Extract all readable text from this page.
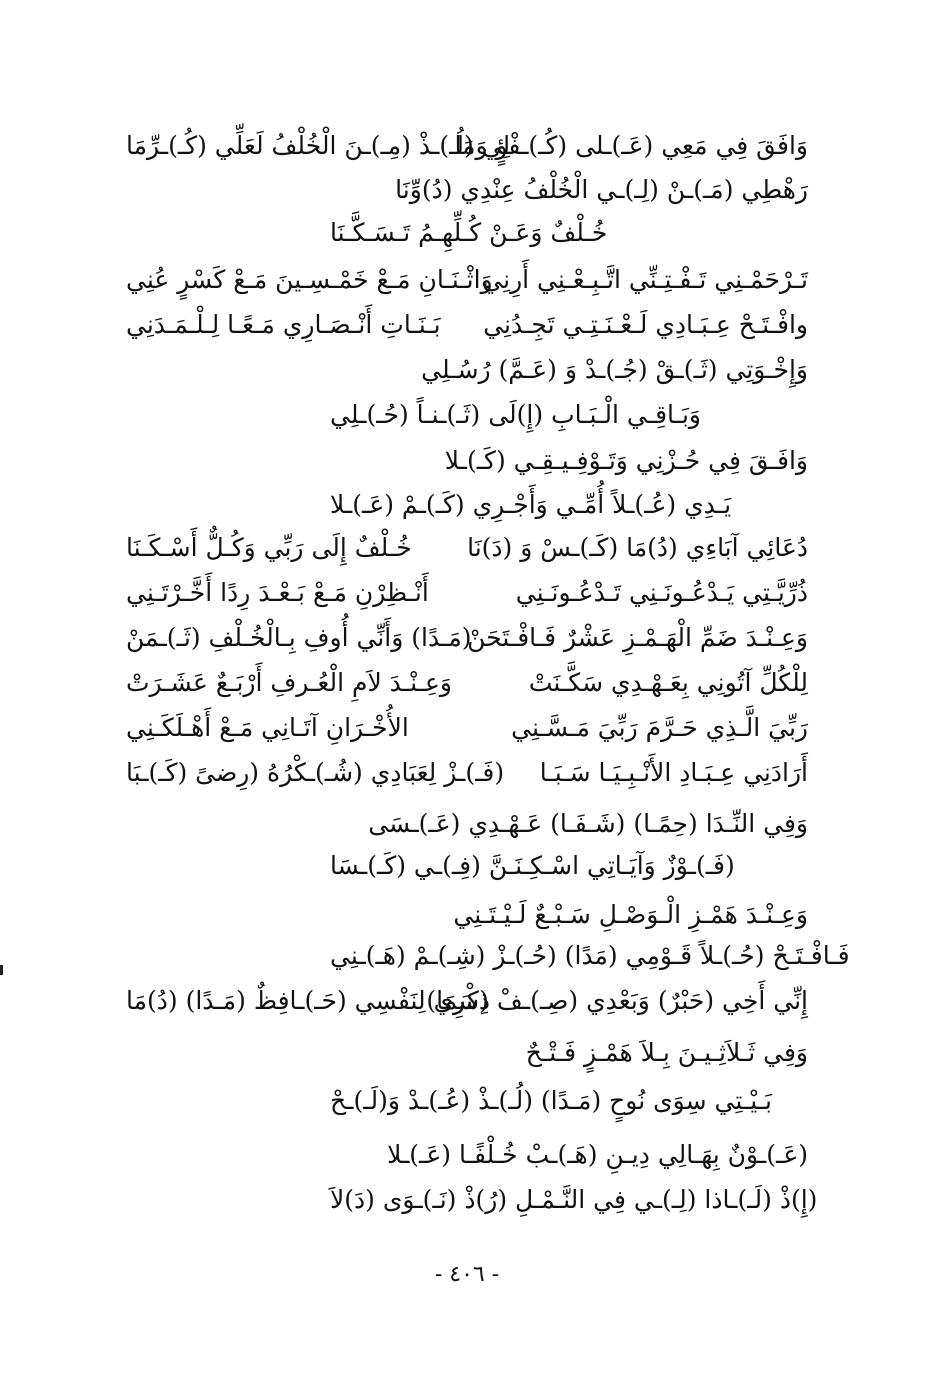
وَافَقَ فِي مَعِي (عَـ)ـلى (كُـ)ـفْؤٍ وَمَا
لِي (لُـ)ـذْ (مِـ)ـنَ الْخُلْفُ لَعَلِّي (كُـ)ـرِّمَا
رَهْطِي (مَـ)ـنْ (لِـ)ـي الْخُلْفُ عِنْدِي (دُ)وِّنَا
خُـلْفٌ وَعَـنْ كُـلِّهِـمُ تَـسَـكَّـنَا
تَـرْحَمْـنِي تَـفْـتِـنِّي اتَّـبِـعْـنِي أَرِنِي
وَاثْـنَـانِ مَـعْ خَمْـسِـينَ مَـعْ كَسْرٍ عُنِي
وافْـتَـحْ عِـبَـادِي لَـعْـنَـتِـي تَجِـدُنِي
بَـنَـاتِ أَنْـصَـارِي مَـعًـا لِـلْـمَـدَنِي
وَإِخْـوَتِي (ثَـ)ـقْ (جُـ)ـدْ وَ (عَـمَّ) رُسُـلِي
وَبَـاقِـي الْـبَـابِ (إِ)لَى (ثَـ)ـنـاً (حُـ)ـلِي
وَافَـقَ فِي حُـزْنِي وَتَـوْفِـيـقِـي (كَـ)ـلا
يَـدِي (عُـ)ـلاً أُمِّـي وَأَجْـرِي (كَـ)ـمْ (عَـ)ـلا
دُعَائِي آبَاءِي (دُ)مَا (كَـ)ـسْ وَ (دَ)نَا
خُـلْفٌ إِلَى رَبِّي وَكُـلٌّ أَسْـكَـنَا
ذُرِّيَّـتِي يَـدْعُـونَـنِي تَـدْعُـونَـنِي
أَنْـظِرْنِ مَـعْ بَـعْـدَ رِدًا أَخَّـرْتَـنِي
وَعِـنْـدَ ضَمِّ الْهَـمْـزِ عَشْرٌ فَـافْـتَحَنْ
(مَـدًا) وَأَنِّي أُوفِ بِـالْخُـلْفِ (ثَـ)ـمَنْ
لِلْكُلِّ آتُونِي بِعَـهْـدِي سَكَّـنَتْ
وَعِـنْـدَ لاَمِ الْعُـرفِ أَرْبَـعٌ عَشَـرَتْ
رَبِّيَ الَّـذِي حَـرَّمَ رَبِّيَ مَـسَّـنِي
الأُخْـرَانِ آتَـانِي مَـعْ أَهْـلَكَـنِي
أَرَادَنِي عِـبَـادِ الأَنْـبِـيَـا سَـبَـا
(فَـ)ـزْ لِعَبَادِي (شُـ)ـكْرُهُ (رِضىً (كَـ)ـبَا
وَفِي النِّـدَا (حِمًـا) (شَـفَـا) عَـهْـدِي (عَـ)ـسَى
(فَـ)ـوْزٌ وَآيَـاتِي اسْـكِـنَـنَّ (فِـ)ـي (كَـ)ـسَا
وَعِـنْـدَ هَمْـزِ الْـوَصْـلِ سَـبْـعٌ لَـيْـتَـنِي
فَـافْـتَـحْ (حُـ)ـلاً قَـوْمِي (مَدًا) (حُـ)ـزْ (شِـ)ـمْ (هَـ)ـنِي
إِنِّي أَخِي (حَبْرٌ) وَبَعْدِي (صِـ)ـفْ (سَمَا)
ذِكْرِي لِنَفْسِي (حَـ)ـافِظٌ (مَـدًا) (دُ)مَا
وَفِي ثَـلاَثِـيـنَ بِـلاَ هَمْـزٍ فَـتْـحٌ
بَـيْـتِي سِوَى نُوحٍ (مَـدًا) (لُـ)ـذْ (عُـ)ـدْ وَ(لَـ)ـحْ
(عَـ)ـوْنٌ بِهَـالِي دِيـنِ (هَـ)ـبْ خُـلْفًـا (عَـ)ـلا
(إِ)ذْ (لَـ)ـاذا (لِـ)ـي فِي النَّـمْـلِ (رُ)ذْ (نَـ)ـوَى (دَ)لاَ
- ٤٠٦ -
